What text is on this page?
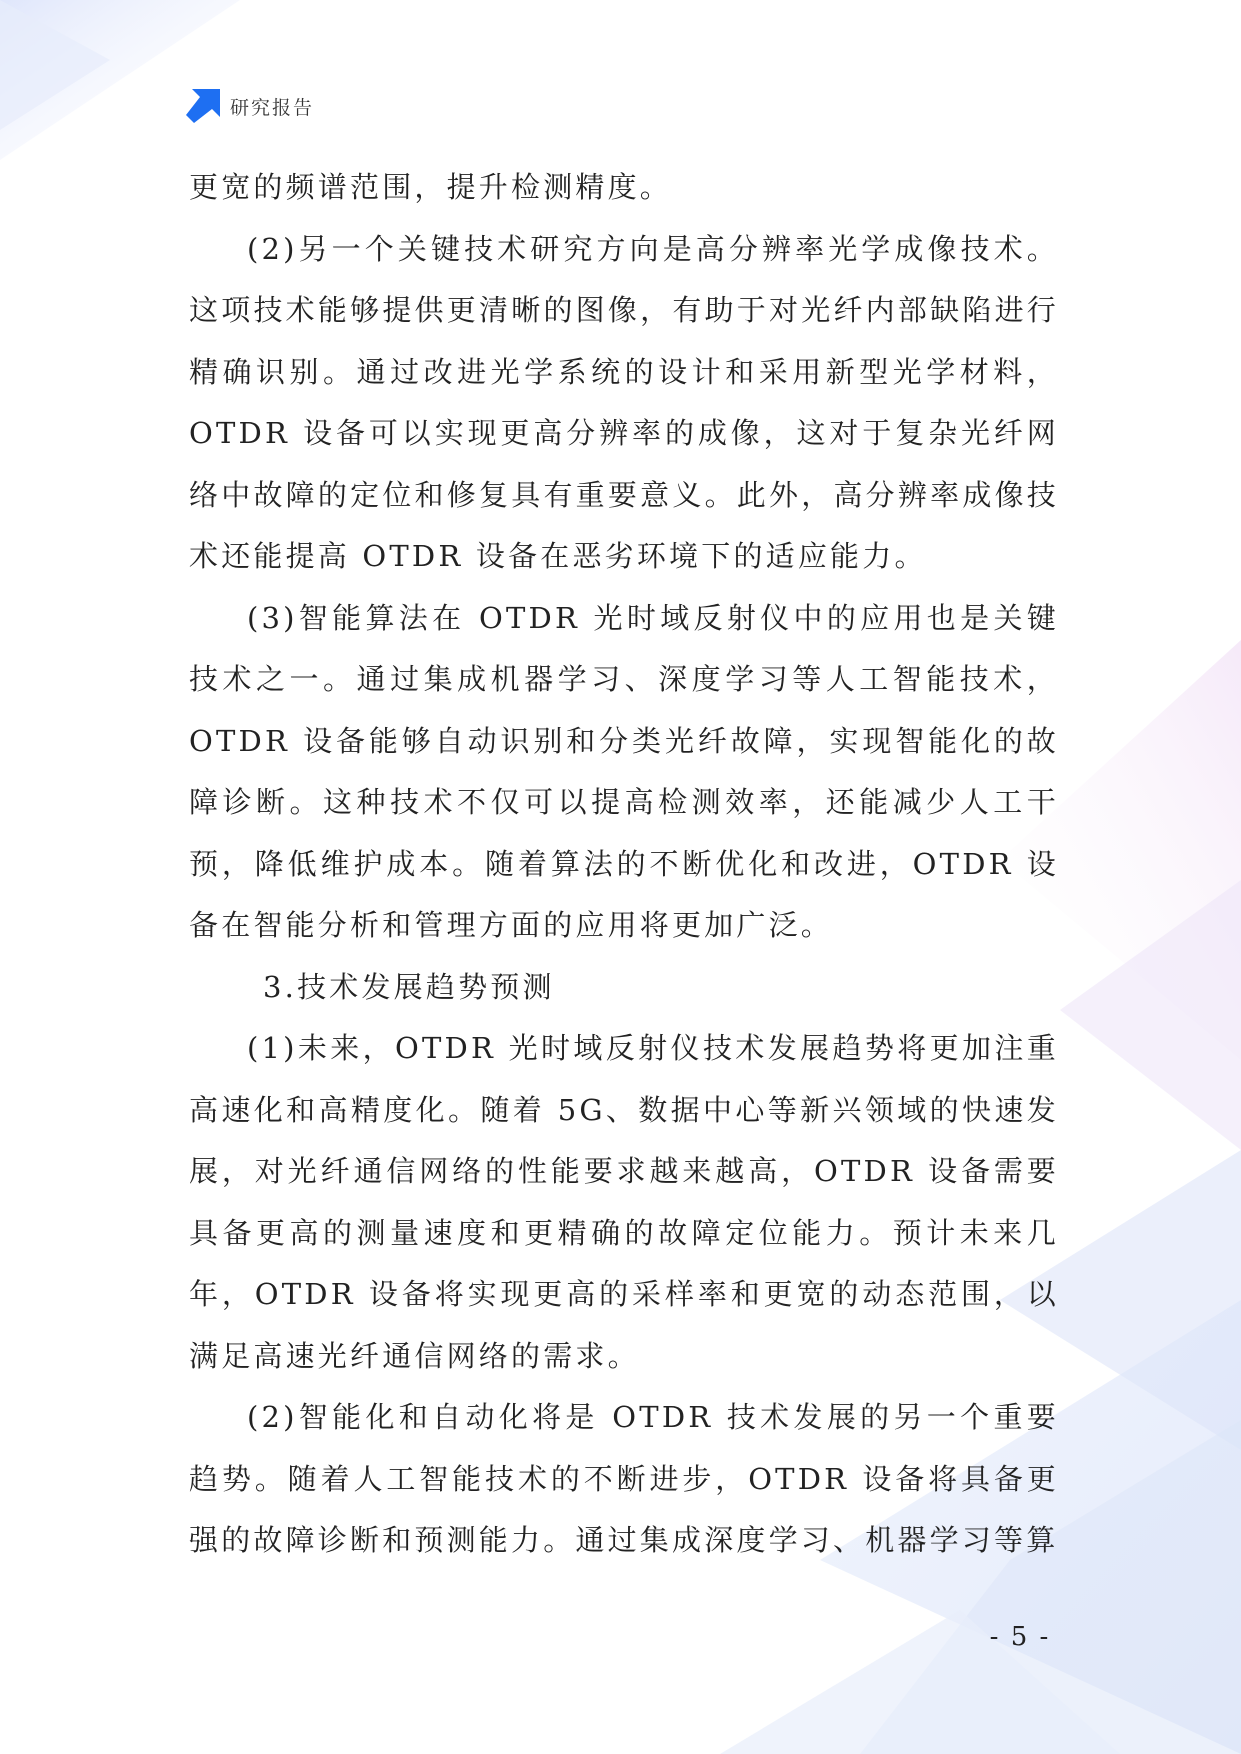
研究报告

更宽的频谱范围，提升检测精度。

(2)另一个关键技术研究方向是高分辨率光学成像技术。这项技术能够提供更清晰的图像，有助于对光纤内部缺陷进行精确识别。通过改进光学系统的设计和采用新型光学材料，OTDR 设备可以实现更高分辨率的成像，这对于复杂光纤网络中故障的定位和修复具有重要意义。此外，高分辨率成像技术还能提高 OTDR 设备在恶劣环境下的适应能力。

(3)智能算法在 OTDR 光时域反射仪中的应用也是关键技术之一。通过集成机器学习、深度学习等人工智能技术，OTDR 设备能够自动识别和分类光纤故障，实现智能化的故障诊断。这种技术不仅可以提高检测效率，还能减少人工干预，降低维护成本。随着算法的不断优化和改进，OTDR 设备在智能分析和管理方面的应用将更加广泛。

3.技术发展趋势预测

(1)未来，OTDR 光时域反射仪技术发展趋势将更加注重高速化和高精度化。随着 5G、数据中心等新兴领域的快速发展，对光纤通信网络的性能要求越来越高，OTDR 设备需要具备更高的测量速度和更精确的故障定位能力。预计未来几年，OTDR 设备将实现更高的采样率和更宽的动态范围，以满足高速光纤通信网络的需求。

(2)智能化和自动化将是 OTDR 技术发展的另一个重要趋势。随着人工智能技术的不断进步，OTDR 设备将具备更强的故障诊断和预测能力。通过集成深度学习、机器学习等算

- 5 -
